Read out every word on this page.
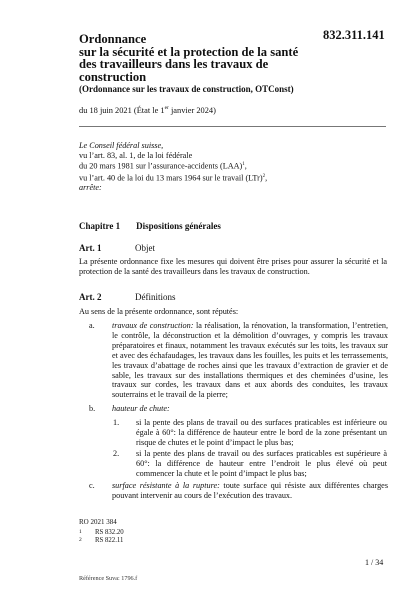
832.311.141
Ordonnance
sur la sécurité et la protection de la santé
des travailleurs dans les travaux de construction
(Ordonnance sur les travaux de construction, OTConst)
du 18 juin 2021 (État le 1er janvier 2024)
Le Conseil fédéral suisse,
vu l’art. 83, al. 1, de la loi fédérale
du 20 mars 1981 sur l’assurance-accidents (LAA)$^1$,
vu l’art. 40 de la loi du 13 mars 1964 sur le travail (LTr)$^2$,
arrête:
Chapitre 1 Dispositions générales
Art. 1	Objet
La présente ordonnance fixe les mesures qui doivent être prises pour assurer la sécurité et la protection de la santé des travailleurs dans les travaux de construction.
Art. 2	Définitions
Au sens de la présente ordonnance, sont réputés:
a. travaux de construction: la réalisation, la rénovation, la transformation, l’entretien, le contrôle, la déconstruction et la démolition d’ouvrages, y compris les travaux préparatoires et finaux, notamment les travaux exécutés sur les toits, les travaux sur et avec des échafaudages, les travaux dans les fouilles, les puits et les terrassements, les travaux d’abattage de roches ainsi que les travaux d’extraction de gravier et de sable, les travaux sur des installations thermiques et des cheminées d’usine, les travaux sur cordes, les travaux dans et aux abords des conduites, les travaux souterrains et le travail de la pierre;
b. hauteur de chute:
1. si la pente des plans de travail ou des surfaces praticables est inférieure ou égale à 60°: la différence de hauteur entre le bord de la zone présentant un risque de chutes et le point d’impact le plus bas;
2. si la pente des plans de travail ou des surfaces praticables est supérieure à 60°: la différence de hauteur entre l’endroit le plus élevé où peut commencer la chute et le point d’impact le plus bas;
c. surface résistante à la rupture: toute surface qui résiste aux différentes charges pouvant intervenir au cours de l’exécution des travaux.
RO 2021 384
1 RS 832.20
2 RS 822.11
1 / 34
Référence Suva: 1796.f
